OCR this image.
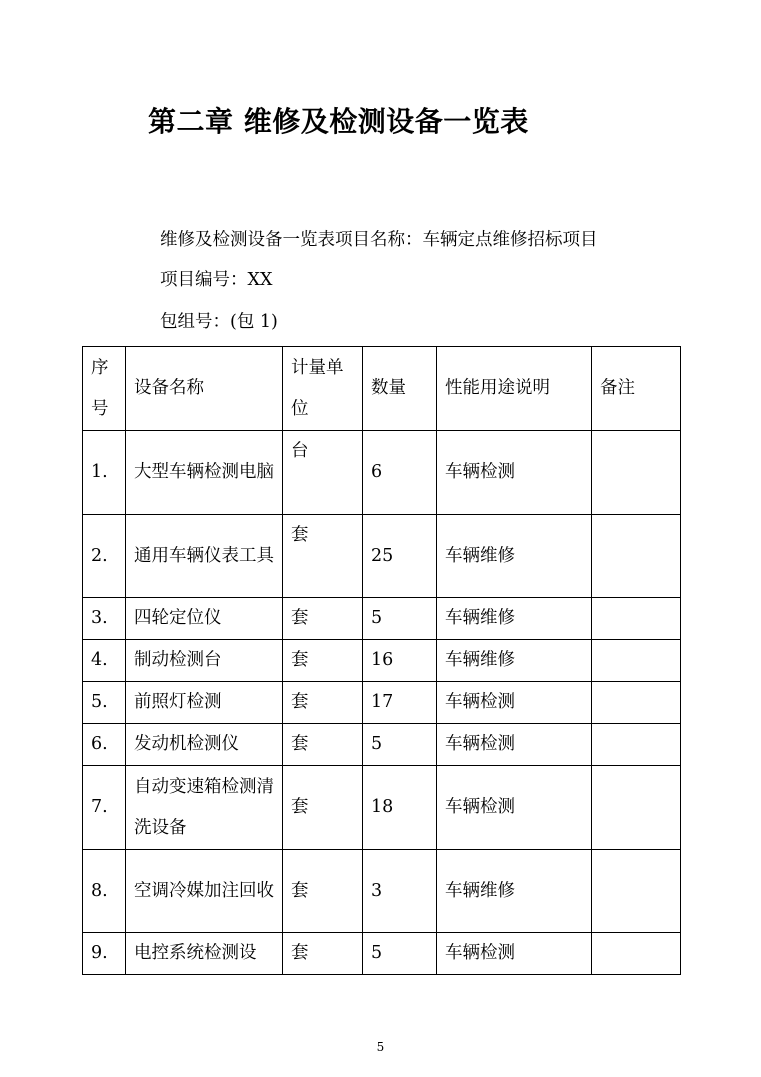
第二章 维修及检测设备一览表
维修及检测设备一览表项目名称：车辆定点维修招标项目
项目编号：XX
包组号：(包 1)
序号	设备名称	计量单位	数量	性能用途说明	备注
1.	大型车辆检测电脑	台	6	车辆检测	
2.	通用车辆仪表工具	套	25	车辆维修	
3.	四轮定位仪	套	5	车辆维修	
4.	制动检测台	套	16	车辆维修	
5.	前照灯检测	套	17	车辆检测	
6.	发动机检测仪	套	5	车辆检测	
7.	自动变速箱检测清 洗设备	套	18	车辆检测	
8.	空调冷媒加注回收	套	3	车辆维修	
9.	电控系统检测设	套	5	车辆检测	
5
